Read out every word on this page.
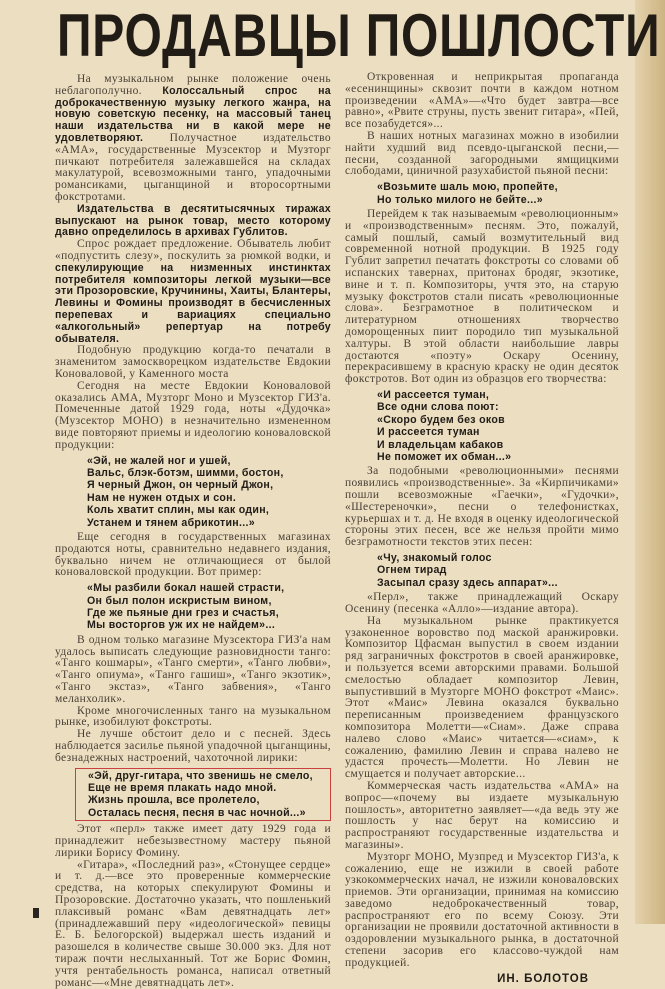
ПРОДАВЦЫ ПОШЛОСТИ

На музыкальном рынке положение очень неблагополучно. Колоссальный спрос на доброкачественную музыку легкого жанра, на новую советскую песенку, на массовый танец наши издательства ни в какой мере не удовлетворяют. Получастное издательство «АМА», государственные Музсектор и Музторг пичкают потребителя залежавшейся на складах макулатурой, всевозможными танго, упадочными романсиками, цыганщиной и второсортными фокстротами.

Издательства в десятитысячных тиражах выпускают на рынок товар, место которому давно определилось в архивах Гублитов.

Спрос рождает предложение. Обыватель любит «подпустить слезу», поскулить за рюмкой водки, и спекулирующие на низменных инстинктах потребителя композиторы легкой музыки—все эти Прозоровские, Кручинины, Хаиты, Блантеры, Левины и Фомины производят в бесчисленных перепевах и вариациях специально «алкогольный» репертуар на потребу обывателя.

Подобную продукцию когда-то печатали в знаменитом замоскворецком издательстве Евдокии Коноваловой, у Каменного моста

Сегодня на месте Евдокии Коноваловой оказались АМА, Музторг Моно и Музсектор ГИЗ'а. Помеченные датой 1929 года, ноты «Дудочка» (Музсектор МОНО) в незначительно измененном виде повторяют приемы и идеологию коноваловской продукции:

«Эй, не жалей ног и ушей,
Вальс, блэк-ботэм, шимми, бостон,
Я черный Джон, он черный Джон,
Нам не нужен отдых и сон.
Коль хватит сплин, мы как один,
Устанем и тянем абрикотин...»

Еще сегодня в государственных магазинах продаются ноты, сравнительно недавнего издания, буквально ничем не отличающиеся от былой коноваловской продукции. Вот пример:

«Мы разбили бокал нашей страсти,
Он был полон искристым вином,
Где же пьяные дни грез и счастья,
Мы восторгов уж их не найдем»...

В одном только магазине Музсектора ГИЗ'а нам удалось выписать следующие разновидности танго: «Танго кошмары», «Танго смерти», «Танго любви», «Танго опиума», «Танго гашиш», «Танго экзотик», «Танго экстаз», «Танго забвения», «Танго меланхолик».

Кроме многочисленных танго на музыкальном рынке, изобилуют фокстроты.

Не лучше обстоит дело и с песней. Здесь наблюдается засилье пьяной упадочной цыганщины, безнадежных настроений, чахоточной лирики:

«Эй, друг-гитара, что звенишь не смело,
Еще не время плакать надо мной.
Жизнь прошла, все пролетело,
Осталась песня, песня в час ночной...»

Этот «перл» также имеет дату 1929 года и принадлежит небезызвестному мастеру пьяной лирики Борису Фомину.

«Гитара», «Последний раз», «Стонущее сердце» и т. д.—все это проверенные коммерческие средства, на которых спекулируют Фомины и Прозоровские. Достаточно указать, что пошленький плаксивый романс «Вам девятнадцать лет» (принадлежавший перу «идеологической» певицы Е. Б. Белогорской) выдержал шесть изданий и разошелся в количестве свыше 30.000 экз. Для нот тираж почти неслыханный. Тот же Борис Фомин, учтя рентабельность романса, написал ответный романс—«Мне девятнадцать лет».

Откровенная и неприкрытая пропаганда «есенинщины» сквозит почти в каждом нотном произведении «АМА»—«Что будет завтра—все равно», «Рвите струны, пусть звенит гитара», «Пей, все позабудется»...

В наших нотных магазинах можно в изобилии найти худший вид псевдо-цыганской песни,—песни, созданной загородными ямщицкими слободами, циничной разухабистой пьяной песни:

«Возьмите шаль мою, пропейте,
Но только милого не бейте...»

Перейдем к так называемым «революционным» и «производственным» песням. Это, пожалуй, самый пошлый, самый возмутительный вид современной нотной продукции. В 1925 году Гублит запретил печатать фокстроты со словами об испанских тавернах, притонах бродяг, экзотике, вине и т. п. Композиторы, учтя это, на старую музыку фокстротов стали писать «революционные слова». Безграмотное в политическом и литературном отношениях творчество доморощенных пиит породило тип музыкальной халтуры. В этой области наибольшие лавры достаются «поэту» Оскару Осенину, перекрасившему в красную краску не один десяток фокстротов. Вот один из образцов его творчества:

«И рассеется туман,
Все одни слова поют:
«Скоро будем без оков
И рассеется туман
И владельцам кабаков
Не поможет их обман...»

За подобными «революционными» песнями появились «производственные». За «Кирпичиками» пошли всевозможные «Гаечки», «Гудочки», «Шестереночки», песни о телефонистках, курьершах и т. д. Не входя в оценку идеологической стороны этих песен, все же нельзя пройти мимо безграмотности текстов этих песен:

«Чу, знакомый голос
Огнем тирад
Засыпал сразу здесь аппарат»...

«Перл», также принадлежащий Оскару Осенину (песенка «Алло»—издание автора).

На музыкальном рынке практикуется узаконенное воровство под маской аранжировки. Композитор Цфасман выпустил в своем издании ряд заграничных фокстротов в своей аранжировке, и пользуется всеми авторскими правами. Большой смелостью обладает композитор Левин, выпустивший в Музторге МОНО фокстрот «Маис». Этот «Маис» Левина оказался буквально переписанным произведением французского композитора Молетти—«Сиам». Даже справа налево слово «Маис» читается—«сиам», к сожалению, фамилию Левин и справа налево не удастся прочесть—Молетти. Но Левин не смущается и получает авторские...

Коммерческая часть издательства «АМА» на вопрос—«почему вы издаете музыкальную пошлость», авторитетно заявляет—«да ведь эту же пошлость у нас берут на комиссию и распространяют государственные издательства и магазины».

Музторг МОНО, Музпред и Музсектор ГИЗ'а, к сожалению, еще не изжили в своей работе узкокоммерческих начал, не изжили коноваловских приемов. Эти организации, принимая на комиссию заведомо недоброкачественный товар, распространяют его по всему Союзу. Эти организации не проявили достаточной активности в оздоровлении музыкального рынка, в достаточной степени засорив его классово-чуждой нам продукцией.

ИН. БОЛОТОВ
